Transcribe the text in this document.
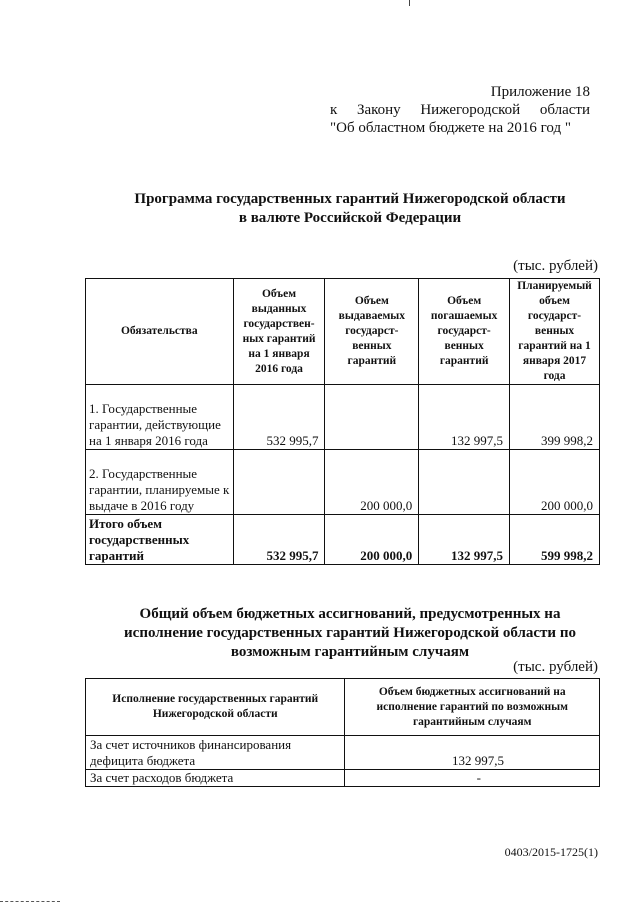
Приложение 18
к Закону Нижегородской области
"Об областном бюджете на 2016 год "
Программа государственных гарантий Нижегородской области
в валюте Российской Федерации
(тыс. рублей)
Обязательства	Объем выданных государствен-ных гарантий на 1 января 2016 года	Объем выдаваемых государст-венных гарантий	Объем погашаемых государст-венных гарантий	Планируемый объем государст-венных гарантий на 1 января 2017 года
1. Государственные гарантии, действующие на 1 января 2016 года	532 995,7		132 997,5	399 998,2
2. Государственные гарантии, планируемые к выдаче в 2016 году		200 000,0		200 000,0
Итого объем государственных гарантий	532 995,7	200 000,0	132 997,5	599 998,2
Общий объем бюджетных ассигнований, предусмотренных на
исполнение государственных гарантий Нижегородской области по
возможным гарантийным случаям
(тыс. рублей)
Исполнение государственных гарантий Нижегородской области	Объем бюджетных ассигнований на исполнение гарантий по возможным гарантийным случаям
За счет источников финансирования дефицита бюджета	132 997,5
За счет расходов бюджета	-
0403/2015-1725(1)
